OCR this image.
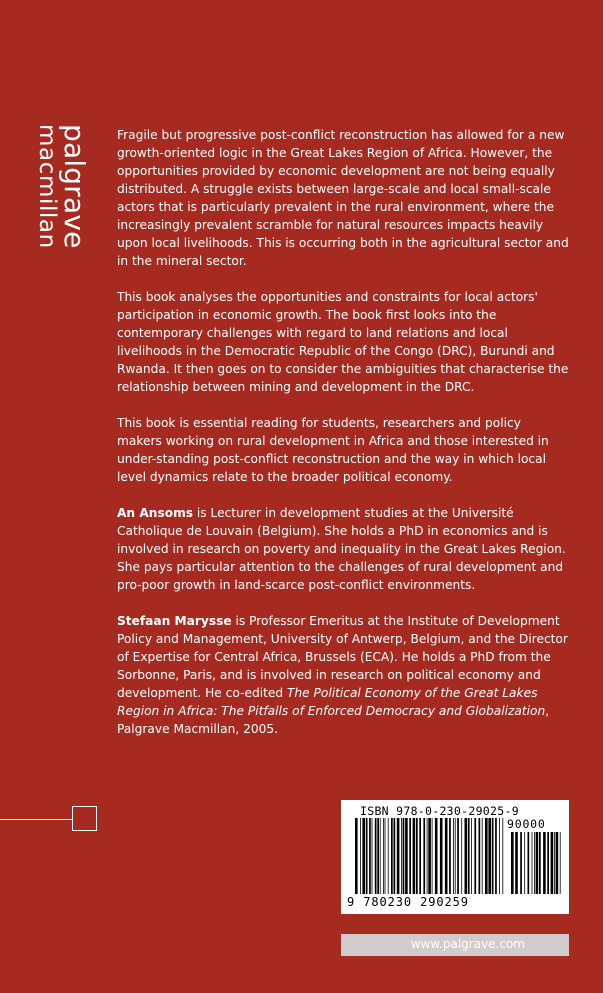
palgrave
macmillan	Fragile but progressive post-conflict reconstruction has allowed for a new growth-oriented logic in the Great Lakes Region of Africa. However, the opportunities provided by economic development are not being equally distributed. A struggle exists between large-scale and local small-scale actors that is particularly prevalent in the rural environment, where the increasingly prevalent scramble for natural resources impacts heavily upon local livelihoods. This is occurring both in the agricultural sector and in the mineral sector.

This book analyses the opportunities and constraints for local actors' participation in economic growth. The book first looks into the contemporary challenges with regard to land relations and local livelihoods in the Democratic Republic of the Congo (DRC), Burundi and Rwanda. It then goes on to consider the ambiguities that characterise the relationship between mining and development in the DRC.

This book is essential reading for students, researchers and policy makers working on rural development in Africa and those interested in under-standing post-conflict reconstruction and the way in which local level dynamics relate to the broader political economy.

An Ansoms is Lecturer in development studies at the Université Catholique de Louvain (Belgium). She holds a PhD in economics and is involved in research on poverty and inequality in the Great Lakes Region. She pays particular attention to the challenges of rural development and pro-poor growth in land-scarce post-conflict environments.

Stefaan Marysse is Professor Emeritus at the Institute of Development Policy and Management, University of Antwerp, Belgium, and the Director of Expertise for Central Africa, Brussels (ECA). He holds a PhD from the Sorbonne, Paris, and is involved in research on political economy and development. He co-edited The Political Economy of the Great Lakes Region in Africa: The Pitfalls of Enforced Democracy and Globalization, Palgrave Macmillan, 2005.

ISBN 978-0-230-29025-9
90000
9 780230 290259
www.palgrave.com
